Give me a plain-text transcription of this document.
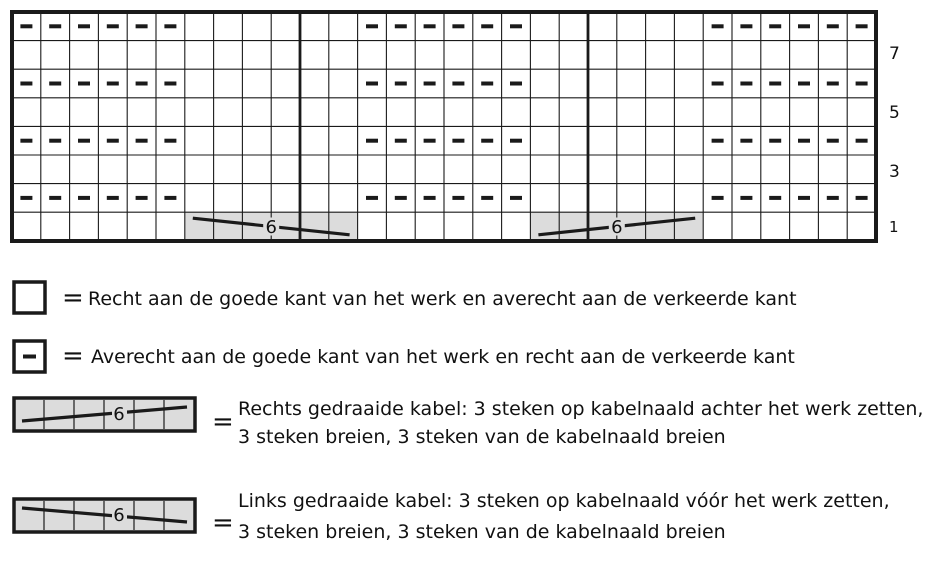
6	6
7
5
3
1
= Recht aan de goede kant van het werk en averecht aan de verkeerde kant
= Averecht aan de goede kant van het werk en recht aan de verkeerde kant
6	= Rechts gedraaide kabel: 3 steken op kabelnaald achter het werk zetten,
3 steken breien, 3 steken van de kabelnaald breien
6	=
Links gedraaide kabel: 3 steken op kabelnaald vóór het werk zetten,
3 steken breien, 3 steken van de kabelnaald breien
